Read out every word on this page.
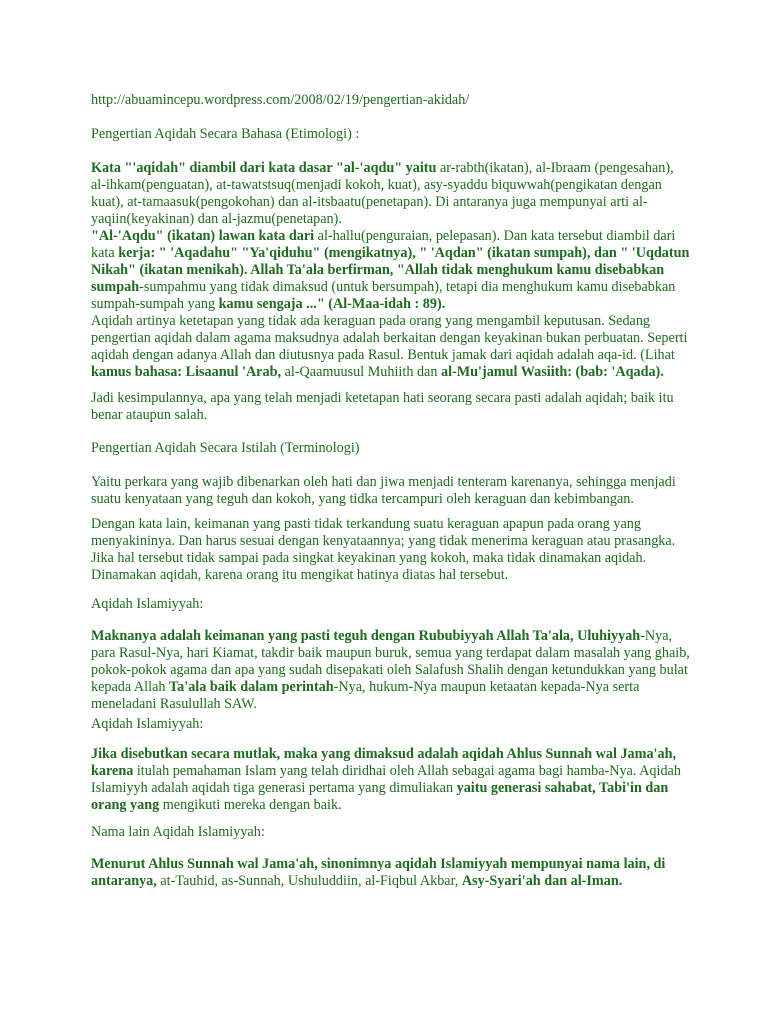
http://abuamincepu.wordpress.com/2008/02/19/pengertian-akidah/

Pengertian Aqidah Secara Bahasa (Etimologi) :

Kata "'aqidah" diambil dari kata dasar "al-'aqdu" yaitu ar-rabth(ikatan), al-Ibraam (pengesahan), al-ihkam(penguatan), at-tawatstsuq(menjadi kokoh, kuat), asy-syaddu biquwwah(pengikatan dengan kuat), at-tamaasuk(pengokohan) dan al-itsbaatu(penetapan). Di antaranya juga mempunyai arti al-yaqiin(keyakinan) dan al-jazmu(penetapan).

"Al-'Aqdu" (ikatan) lawan kata dari al-hallu(penguraian, pelepasan). Dan kata tersebut diambil dari kata kerja: " 'Aqadahu" "Ya'qiduhu" (mengikatnya), " 'Aqdan" (ikatan sumpah), dan " 'Uqdatun Nikah" (ikatan menikah). Allah Ta'ala berfirman, "Allah tidak menghukum kamu disebabkan sumpah-sumpahmu yang tidak dimaksud (untuk bersumpah), tetapi dia menghukum kamu disebabkan sumpah-sumpah yang kamu sengaja ..." (Al-Maa-idah : 89).

Aqidah artinya ketetapan yang tidak ada keraguan pada orang yang mengambil keputusan. Sedang pengertian aqidah dalam agama maksudnya adalah berkaitan dengan keyakinan bukan perbuatan. Seperti aqidah dengan adanya Allah dan diutusnya pada Rasul. Bentuk jamak dari aqidah adalah aqa-id. (Lihat kamus bahasa: Lisaanul 'Arab, al-Qaamuusul Muhiith dan al-Mu'jamul Wasiith: (bab: 'Aqada).

Jadi kesimpulannya, apa yang telah menjadi ketetapan hati seorang secara pasti adalah aqidah; baik itu benar ataupun salah.

Pengertian Aqidah Secara Istilah (Terminologi)

Yaitu perkara yang wajib dibenarkan oleh hati dan jiwa menjadi tenteram karenanya, sehingga menjadi suatu kenyataan yang teguh dan kokoh, yang tidka tercampuri oleh keraguan dan kebimbangan.

Dengan kata lain, keimanan yang pasti tidak terkandung suatu keraguan apapun pada orang yang menyakininya. Dan harus sesuai dengan kenyataannya; yang tidak menerima keraguan atau prasangka. Jika hal tersebut tidak sampai pada singkat keyakinan yang kokoh, maka tidak dinamakan aqidah. Dinamakan aqidah, karena orang itu mengikat hatinya diatas hal tersebut.

Aqidah Islamiyyah:

Maknanya adalah keimanan yang pasti teguh dengan Rububiyyah Allah Ta'ala, Uluhiyyah-Nya, para Rasul-Nya, hari Kiamat, takdir baik maupun buruk, semua yang terdapat dalam masalah yang ghaib, pokok-pokok agama dan apa yang sudah disepakati oleh Salafush Shalih dengan ketundukkan yang bulat kepada Allah Ta'ala baik dalam perintah-Nya, hukum-Nya maupun ketaatan kepada-Nya serta meneladani Rasulullah SAW.

Aqidah Islamiyyah:

Jika disebutkan secara mutlak, maka yang dimaksud adalah aqidah Ahlus Sunnah wal Jama'ah, karena itulah pemahaman Islam yang telah diridhai oleh Allah sebagai agama bagi hamba-Nya. Aqidah Islamiyyh adalah aqidah tiga generasi pertama yang dimuliakan yaitu generasi sahabat, Tabi'in dan orang yang mengikuti mereka dengan baik.

Nama lain Aqidah Islamiyyah:

Menurut Ahlus Sunnah wal Jama'ah, sinonimnya aqidah Islamiyyah mempunyai nama lain, di antaranya, at-Tauhid, as-Sunnah, Ushuluddiin, al-Fiqbul Akbar, Asy-Syari'ah dan al-Iman.
